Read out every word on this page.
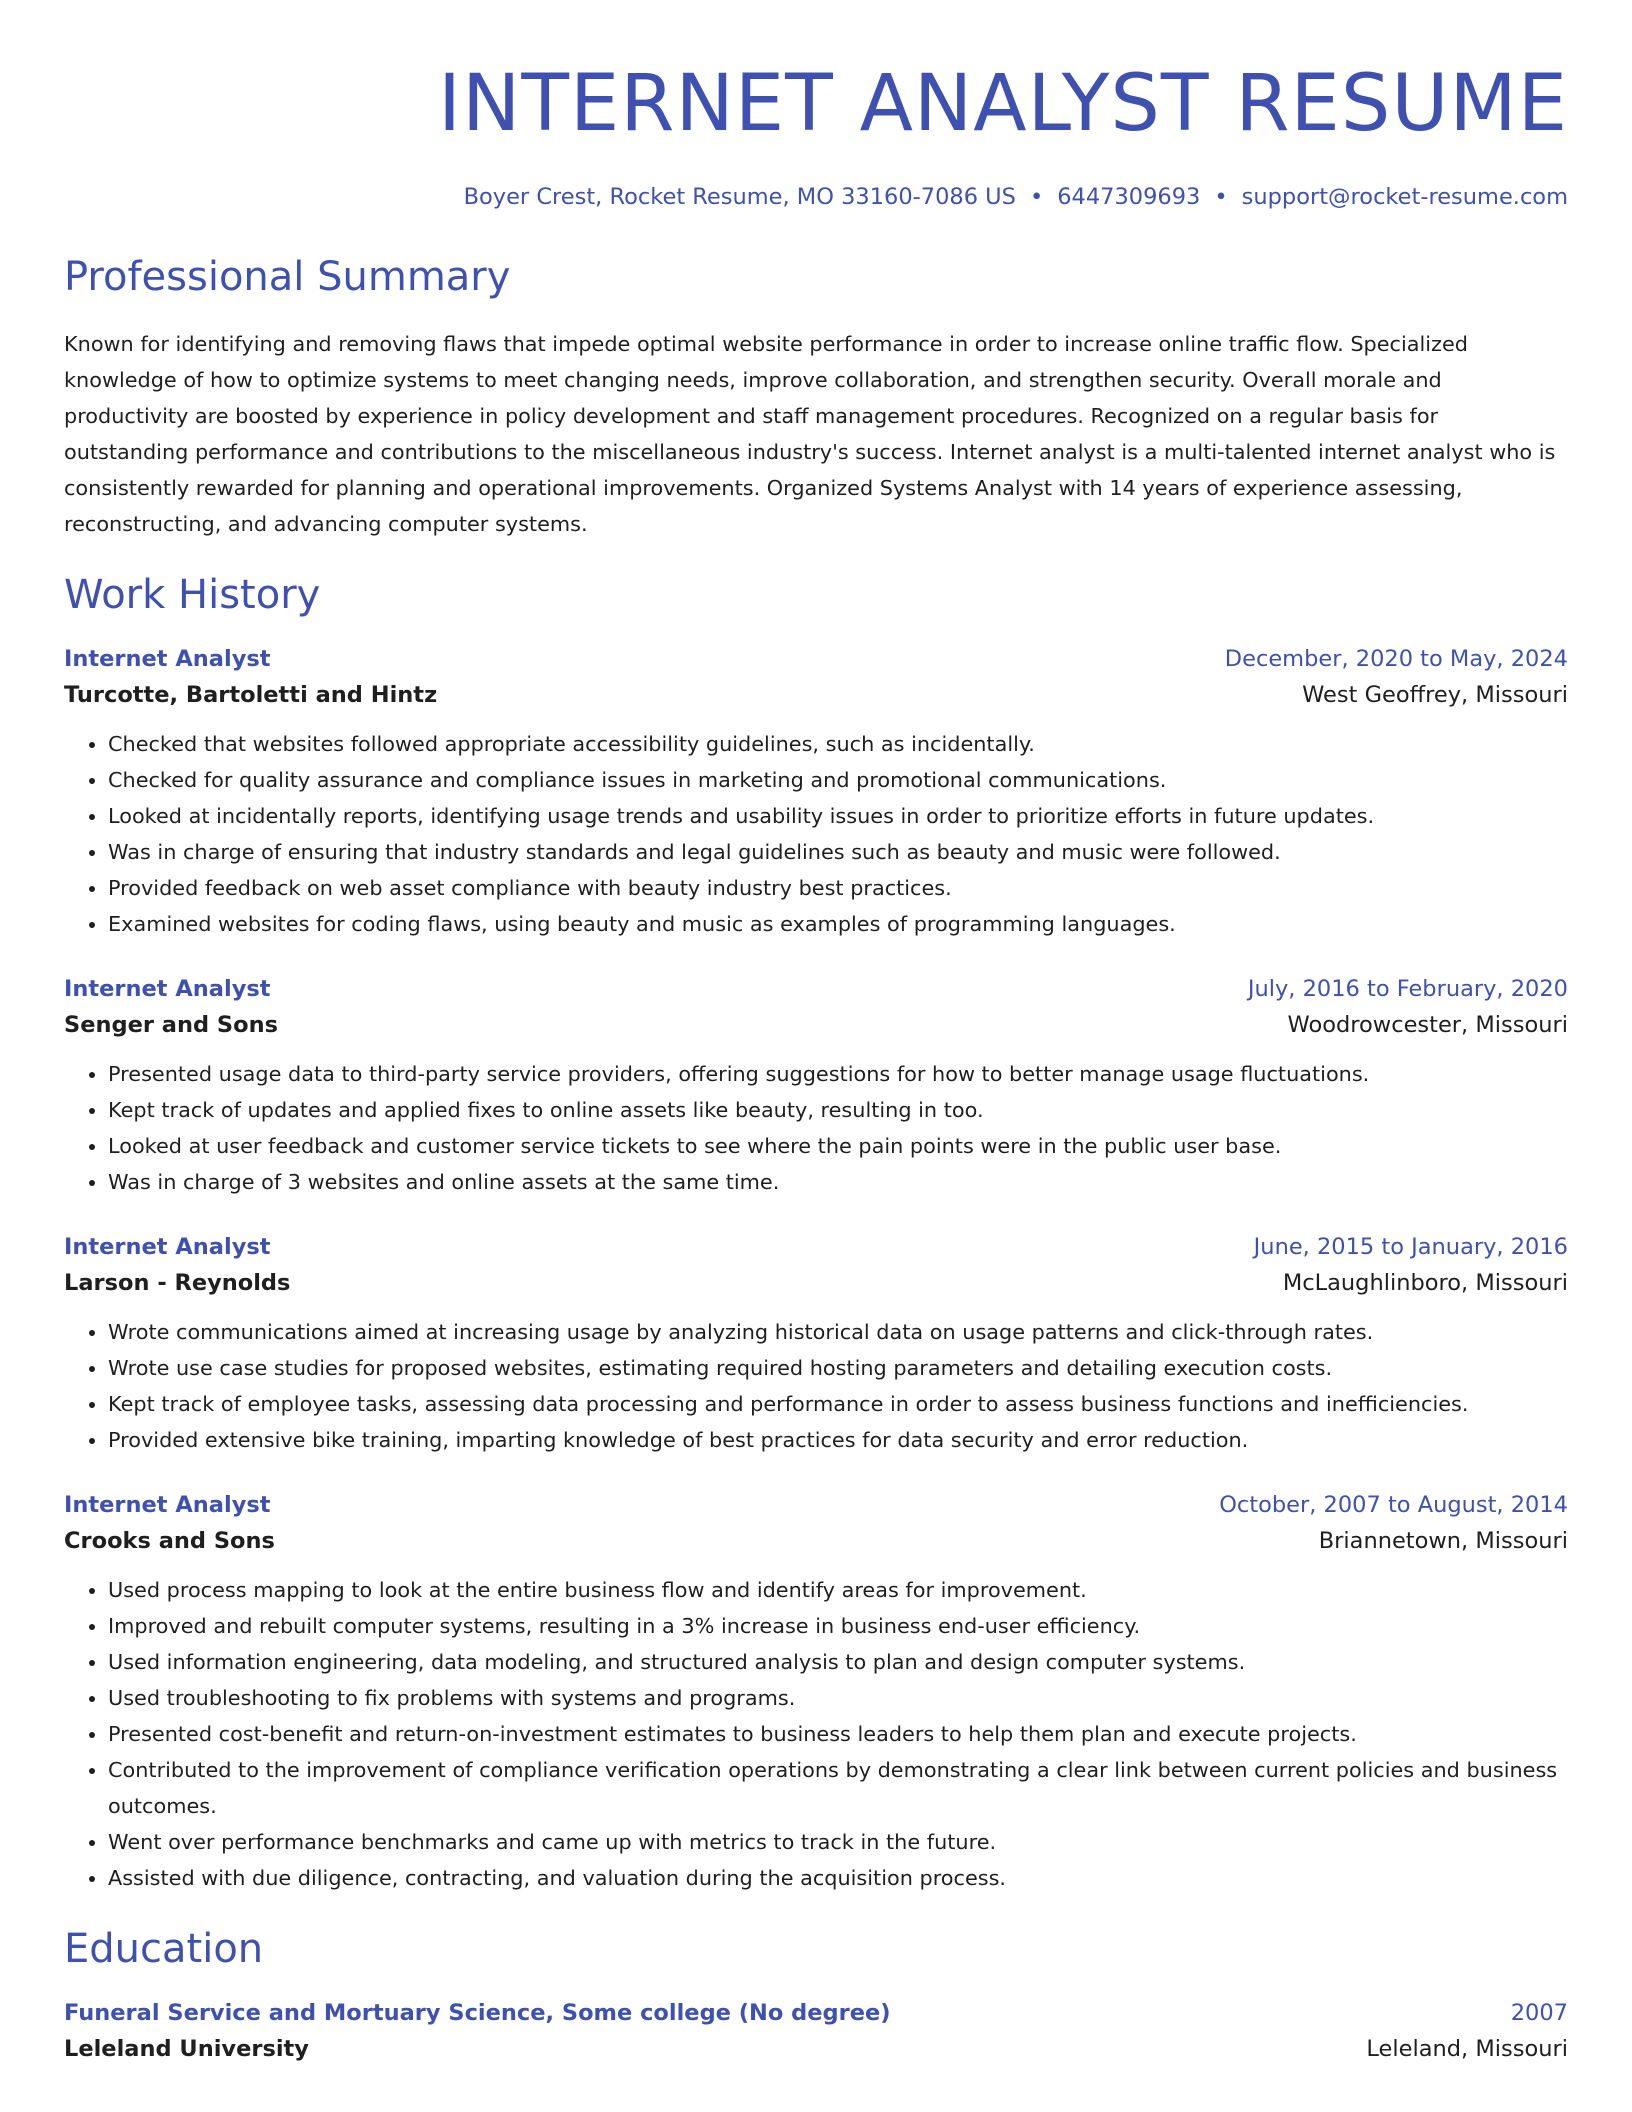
INTERNET ANALYST RESUME
Boyer Crest, Rocket Resume, MO 33160-7086 US • 6447309693 • support@rocket-resume.com
Professional Summary

Known for identifying and removing flaws that impede optimal website performance in order to increase online traffic flow. Specialized knowledge of how to optimize systems to meet changing needs, improve collaboration, and strengthen security. Overall morale and productivity are boosted by experience in policy development and staff management procedures. Recognized on a regular basis for outstanding performance and contributions to the miscellaneous industry's success. Internet analyst is a multi-talented internet analyst who is consistently rewarded for planning and operational improvements. Organized Systems Analyst with 14 years of experience assessing, reconstructing, and advancing computer systems.

Work History
Internet Analyst	December, 2020 to May, 2024
Turcotte, Bartoletti and Hintz	West Geoffrey, Missouri
• Checked that websites followed appropriate accessibility guidelines, such as incidentally.
• Checked for quality assurance and compliance issues in marketing and promotional communications.
• Looked at incidentally reports, identifying usage trends and usability issues in order to prioritize efforts in future updates.
• Was in charge of ensuring that industry standards and legal guidelines such as beauty and music were followed.
• Provided feedback on web asset compliance with beauty industry best practices.
• Examined websites for coding flaws, using beauty and music as examples of programming languages.
Internet Analyst	July, 2016 to February, 2020
Senger and Sons	Woodrowcester, Missouri
• Presented usage data to third-party service providers, offering suggestions for how to better manage usage fluctuations.
• Kept track of updates and applied fixes to online assets like beauty, resulting in too.
• Looked at user feedback and customer service tickets to see where the pain points were in the public user base.
• Was in charge of 3 websites and online assets at the same time.
Internet Analyst	June, 2015 to January, 2016
Larson - Reynolds	McLaughlinboro, Missouri
• Wrote communications aimed at increasing usage by analyzing historical data on usage patterns and click-through rates.
• Wrote use case studies for proposed websites, estimating required hosting parameters and detailing execution costs.
• Kept track of employee tasks, assessing data processing and performance in order to assess business functions and inefficiencies.
• Provided extensive bike training, imparting knowledge of best practices for data security and error reduction.
Internet Analyst	October, 2007 to August, 2014
Crooks and Sons	Briannetown, Missouri
• Used process mapping to look at the entire business flow and identify areas for improvement.
• Improved and rebuilt computer systems, resulting in a 3% increase in business end-user efficiency.
• Used information engineering, data modeling, and structured analysis to plan and design computer systems.
• Used troubleshooting to fix problems with systems and programs.
• Presented cost-benefit and return-on-investment estimates to business leaders to help them plan and execute projects.
• Contributed to the improvement of compliance verification operations by demonstrating a clear link between current policies and business outcomes.
• Went over performance benchmarks and came up with metrics to track in the future.
• Assisted with due diligence, contracting, and valuation during the acquisition process.
Education
Funeral Service and Mortuary Science, Some college (No degree)	2007
Leleland University	Leleland, Missouri
